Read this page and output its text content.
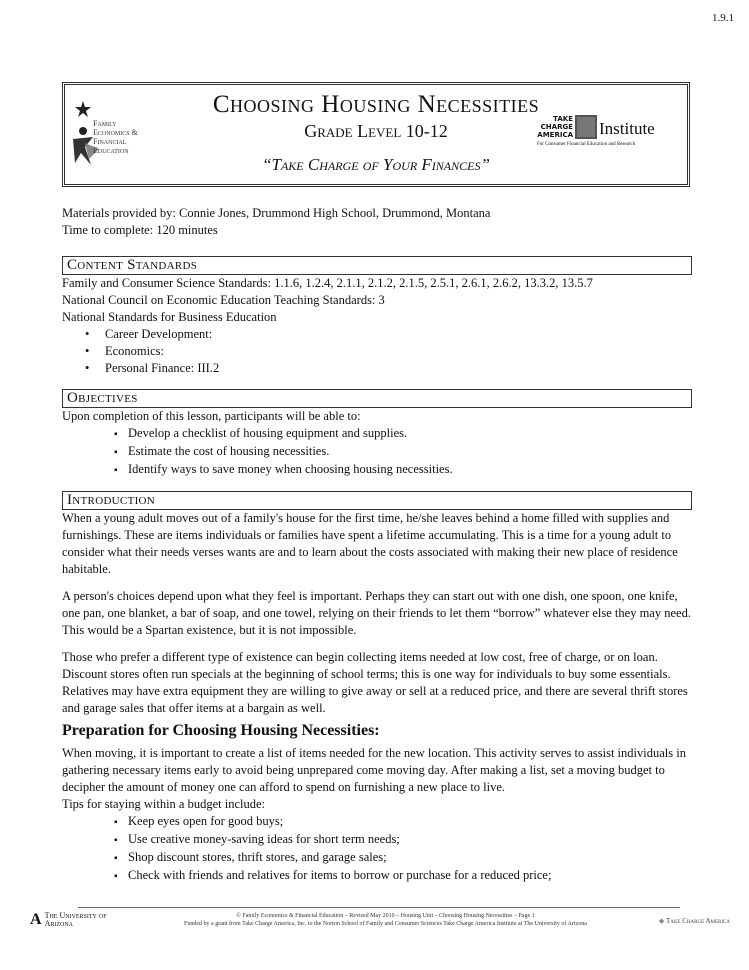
1.9.1
Family
Economics &
Financial
Education
Choosing Housing Necessities
Grade Level 10-12
“Take Charge of Your Finances”
TAKE
CHARGE
AMERICA Institute
For Consumer Financial Education and Research

Materials provided by: Connie Jones, Drummond High School, Drummond, Montana

Time to complete: 120 minutes

Content Standards

Family and Consumer Science Standards: 1.1.6, 1.2.4, 2.1.1, 2.1.2, 2.1.5, 2.5.1, 2.6.1, 2.6.2, 13.3.2, 13.5.7

National Council on Economic Education Teaching Standards: 3

National Standards for Business Education

• Career Development:
• Economics:
• Personal Finance: III.2
Objectives

Upon completion of this lesson, participants will be able to:

▪ Develop a checklist of housing equipment and supplies.
▪ Estimate the cost of housing necessities.
▪ Identify ways to save money when choosing housing necessities.
Introduction

When a young adult moves out of a family's house for the first time, he/she leaves behind a home filled with supplies and furnishings. These are items individuals or families have spent a lifetime accumulating. This is a time for a young adult to consider what their needs verses wants are and to learn about the costs associated with making their new place of residence habitable.

A person's choices depend upon what they feel is important. Perhaps they can start out with one dish, one spoon, one knife, one pan, one blanket, a bar of soap, and one towel, relying on their friends to let them “borrow” whatever else they may need. This would be a Spartan existence, but it is not impossible.

Those who prefer a different type of existence can begin collecting items needed at low cost, free of charge, or on loan. Discount stores often run specials at the beginning of school terms; this is one way for individuals to buy some essentials. Relatives may have extra equipment they are willing to give away or sell at a reduced price, and there are several thrift stores and garage sales that offer items at a bargain as well.

Preparation for Choosing Housing Necessities:

When moving, it is important to create a list of items needed for the new location. This activity serves to assist individuals in gathering necessary items early to avoid being unprepared come moving day. After making a list, set a moving budget to decipher the amount of money one can afford to spend on furnishing a new place to live.

Tips for staying within a budget include:

▪ Keep eyes open for good buys;
▪ Use creative money-saving ideas for short term needs;
▪ Shop discount stores, thrift stores, and garage sales;
▪ Check with friends and relatives for items to borrow or purchase for a reduced price;
A The University of Arizona
© Family Economics & Financial Education – Revised May 2010 – Housing Unit – Choosing Housing Necessities – Page 1
Funded by a grant from Take Charge America, Inc. to the Norton School of Family and Consumer Sciences Take Charge America Institute at The University of Arizona	◆ Take Charge America
